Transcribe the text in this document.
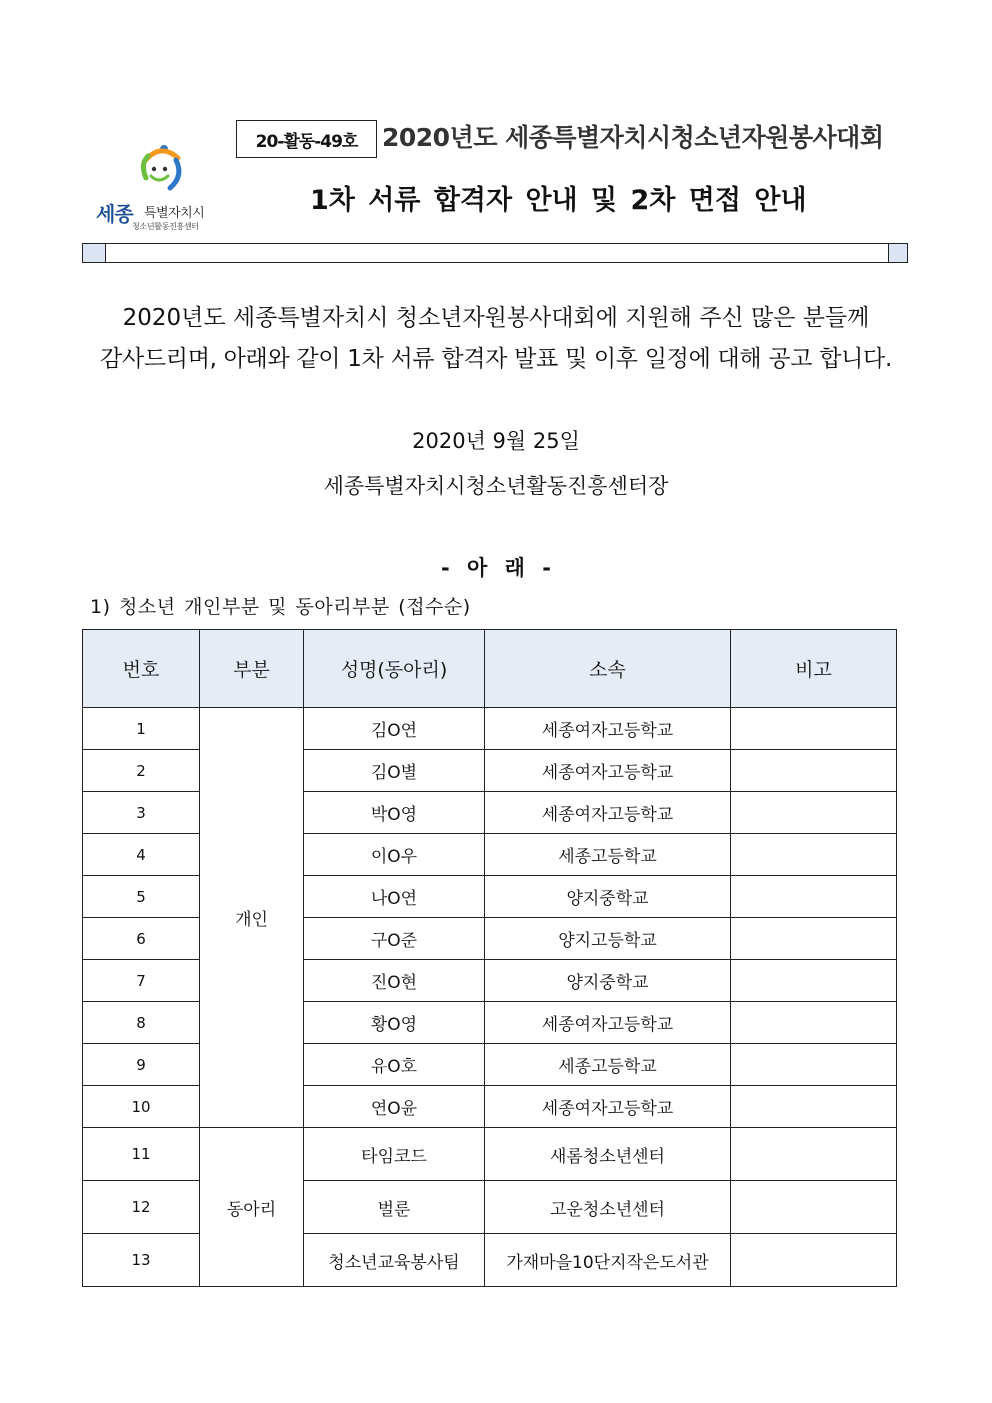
세종 특별자치시
청소년활동진흥센터
20-활동-49호 2020년도 세종특별자치시청소년자원봉사대회
1차 서류 합격자 안내 및 2차 면접 안내
2020년도 세종특별자치시 청소년자원봉사대회에 지원해 주신 많은 분들께
감사드리며, 아래와 같이 1차 서류 합격자 발표 및 이후 일정에 대해 공고 합니다.
2020년 9월 25일
세종특별자치시청소년활동진흥센터장
- 아 래 -
1) 청소년 개인부분 및 동아리부분 (접수순)
번호	부분	성명(동아리)	소속	비고
1	개인	김O연	세종여자고등학교	
2		김O별	세종여자고등학교	
3		박O영	세종여자고등학교	
4		이O우	세종고등학교	
5		나O연	양지중학교	
6		구O준	양지고등학교	
7		진O현	양지중학교	
8		황O영	세종여자고등학교	
9		유O호	세종고등학교	
10		연O윤	세종여자고등학교	
11	동아리	타임코드	새롬청소년센터	
12		벌룬	고운청소년센터	
13		청소년교육봉사팀	가재마을10단지작은도서관	
